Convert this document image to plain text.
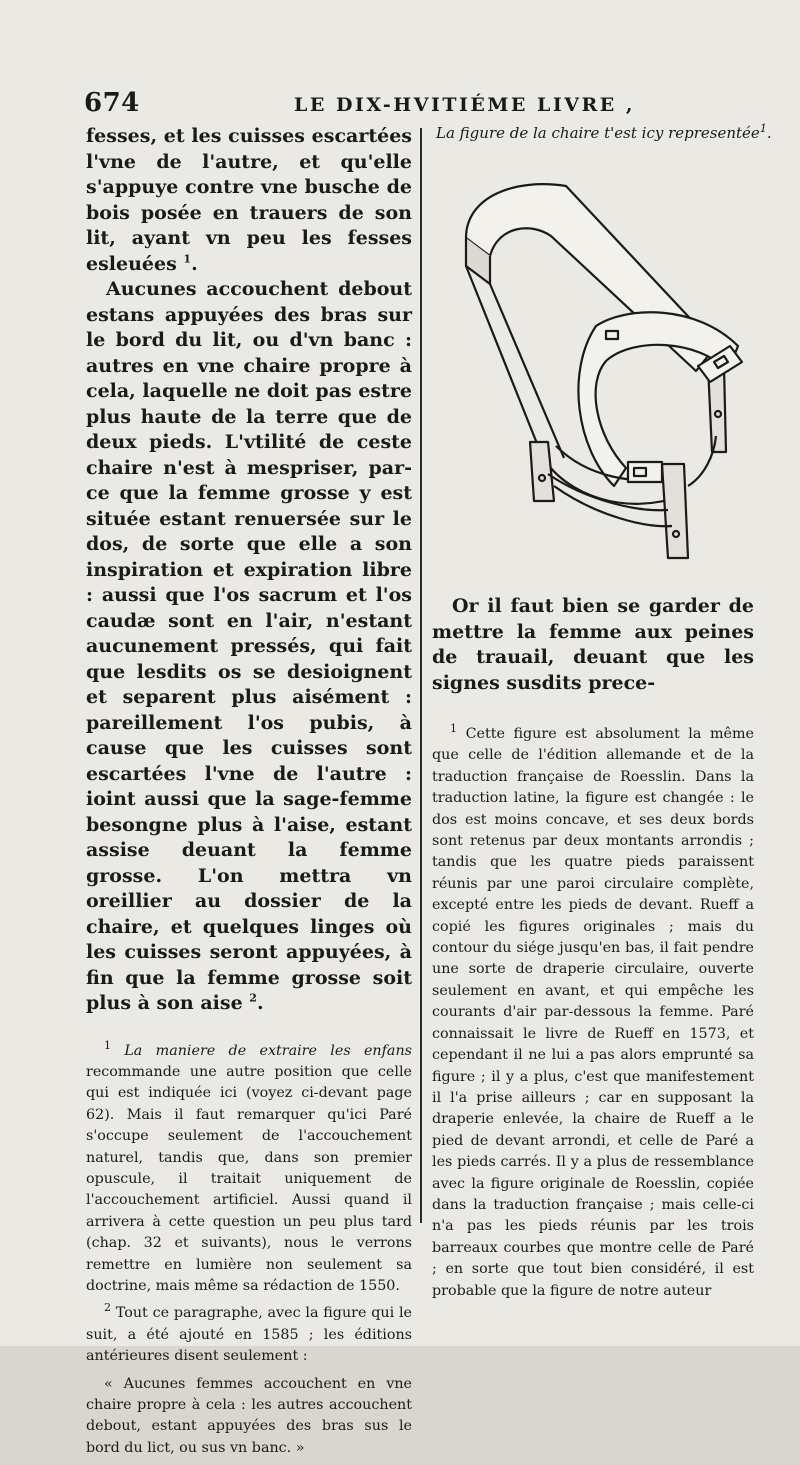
674	LE DIX-HVITIÉME LIVRE ,

fesses, et les cuisses escartées l'vne de l'autre, et qu'elle s'appuye contre vne busche de bois posée en trauers de son lit, ayant vn peu les fesses esleuées $^1$.

Aucunes accouchent debout estans appuyées des bras sur le bord du lit, ou d'vn banc : autres en vne chaire propre à cela, laquelle ne doit pas estre plus haute de la terre que de deux pieds. L'vtilité de ceste chaire n'est à mespriser, par-ce que la femme grosse y est située estant renuersée sur le dos, de sorte que elle a son inspiration et expiration libre : aussi que l'os sacrum et l'os caudæ sont en l'air, n'estant aucunement pressés, qui fait que lesdits os se desioignent et separent plus aisément : pareillement l'os pubis, à cause que les cuisses sont escartées l'vne de l'autre : ioint aussi que la sage-femme besongne plus à l'aise, estant assise deuant la femme grosse. L'on mettra vn oreillier au dossier de la chaire, et quelques linges où les cuisses seront appuyées, à fin que la femme grosse soit plus à son aise $^2$.

$^1$ La maniere de extraire les enfans recommande une autre position que celle qui est indiquée ici (voyez ci-devant page 62). Mais il faut remarquer qu'ici Paré s'occupe seulement de l'accouchement naturel, tandis que, dans son premier opuscule, il traitait uniquement de l'accouchement artificiel. Aussi quand il arrivera à cette question un peu plus tard (chap. 32 et suivants), nous le verrons remettre en lumière non seulement sa doctrine, mais même sa rédaction de 1550.

$^2$ Tout ce paragraphe, avec la figure qui le suit, a été ajouté en 1585 ; les éditions antérieures disent seulement :

« Aucunes femmes accouchent en vne chaire propre à cela : les autres accouchent debout, estant appuyées des bras sus le bord du lict, ou sus vn banc. »

La figure de la chaire t'est icy representée$^1$.

Or il faut bien se garder de mettre la femme aux peines de trauail, deuant que les signes susdits prece-

$^1$ Cette figure est absolument la même que celle de l'édition allemande et de la traduction française de Roesslin. Dans la traduction latine, la figure est changée : le dos est moins concave, et ses deux bords sont retenus par deux montants arrondis ; tandis que les quatre pieds paraissent réunis par une paroi circulaire complète, excepté entre les pieds de devant. Rueff a copié les figures originales ; mais du contour du siége jusqu'en bas, il fait pendre une sorte de draperie circulaire, ouverte seulement en avant, et qui empêche les courants d'air par-dessous la femme. Paré connaissait le livre de Rueff en 1573, et cependant il ne lui a pas alors emprunté sa figure ; il y a plus, c'est que manifestement il l'a prise ailleurs ; car en supposant la draperie enlevée, la chaire de Rueff a le pied de devant arrondi, et celle de Paré a les pieds carrés. Il y a plus de ressemblance avec la figure originale de Roesslin, copiée dans la traduction française ; mais celle-ci n'a pas les pieds réunis par les trois barreaux courbes que montre celle de Paré ; en sorte que tout bien considéré, il est probable que la figure de notre auteur
